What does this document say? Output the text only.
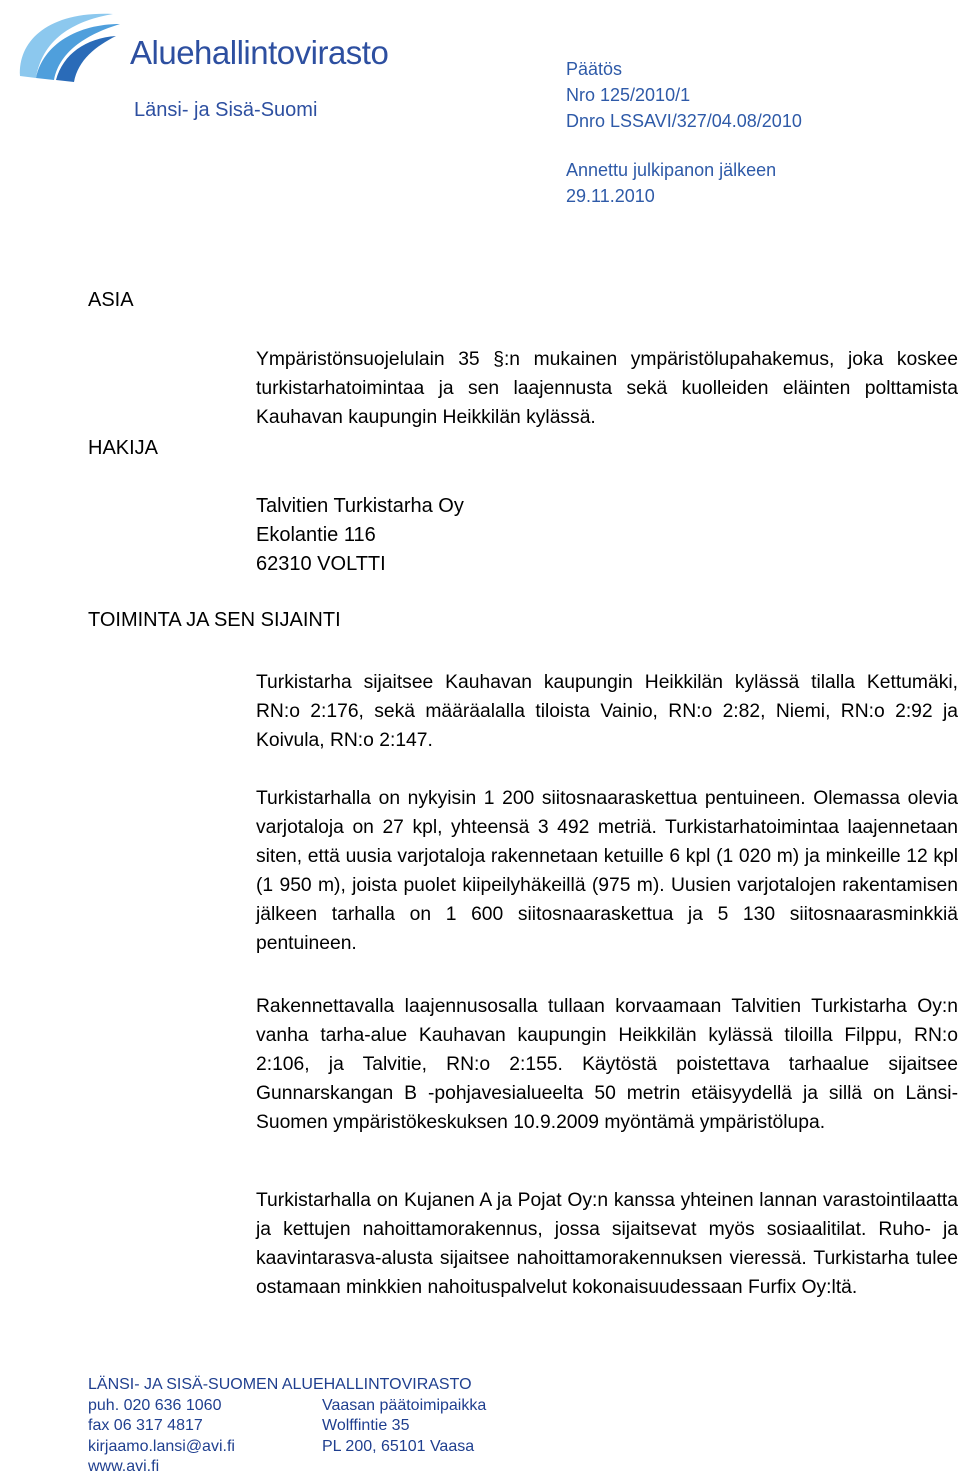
Aluehallintovirasto
Länsi- ja Sisä-Suomi
Päätös
Nro 125/2010/1
Dnro LSSAVI/327/04.08/2010
Annettu julkipanon jälkeen
29.11.2010
ASIA

Ympäristönsuojelulain 35 §:n mukainen ympäristölupahakemus, joka koskee turkistarhatoimintaa ja sen laajennusta sekä kuolleiden eläinten polttamista Kauhavan kaupungin Heikkilän kylässä.

HAKIJA
Talvitien Turkistarha Oy
Ekolantie 116
62310 VOLTTI
TOIMINTA JA SEN SIJAINTI

Turkistarha sijaitsee Kauhavan kaupungin Heikkilän kylässä tilalla Kettumäki, RN:o 2:176, sekä määräalalla tiloista Vainio, RN:o 2:82, Niemi, RN:o 2:92 ja Koivula, RN:o 2:147.

Turkistarhalla on nykyisin 1 200 siitosnaaraskettua pentuineen. Olemassa olevia varjotaloja on 27 kpl, yhteensä 3 492 metriä. Turkistarhatoimintaa laajennetaan siten, että uusia varjotaloja rakennetaan ketuille 6 kpl (1 020 m) ja minkeille 12 kpl (1 950 m), joista puolet kiipeilyhäkeillä (975 m). Uusien varjotalojen rakentamisen jälkeen tarhalla on 1 600 siitosnaaraskettua ja 5 130 siitosnaarasminkkiä pentuineen.

Rakennettavalla laajennusosalla tullaan korvaamaan Talvitien Turkistarha Oy:n vanha tarha-alue Kauhavan kaupungin Heikkilän kylässä tiloilla Filppu, RN:o 2:106, ja Talvitie, RN:o 2:155. Käytöstä poistettava tarhaalue sijaitsee Gunnarskangan B -pohjavesialueelta 50 metrin etäisyydellä ja sillä on Länsi-Suomen ympäristökeskuksen 10.9.2009 myöntämä ympäristölupa.

Turkistarhalla on Kujanen A ja Pojat Oy:n kanssa yhteinen lannan varastointilaatta ja kettujen nahoittamorakennus, jossa sijaitsevat myös sosiaalitilat. Ruho- ja kaavintarasva-alusta sijaitsee nahoittamorakennuksen vieressä. Turkistarha tulee ostamaan minkkien nahoituspalvelut kokonaisuudessaan Furfix Oy:ltä.

LÄNSI- JA SISÄ-SUOMEN ALUEHALLINTOVIRASTO
puh. 020 636 1060	Vaasan päätoimipaikka
fax 06 317 4817	Wolffintie 35
kirjaamo.lansi@avi.fi	PL 200, 65101 Vaasa
www.avi.fi
